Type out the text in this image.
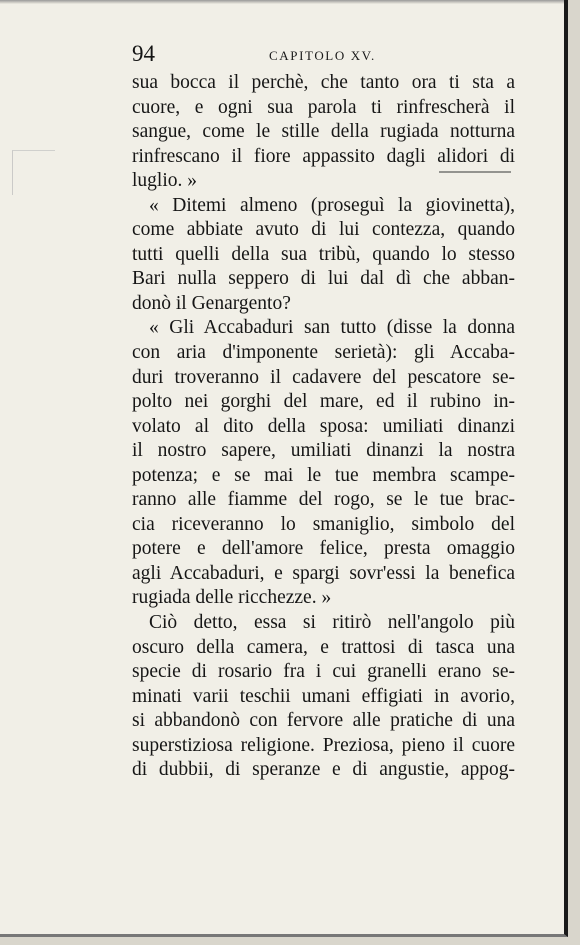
94	CAPITOLO XV.
sua bocca il perchè, che tanto ora ti sta a
cuore, e ogni sua parola ti rinfrescherà il
sangue, come le stille della rugiada notturna
rinfrescano il fiore appassito dagli alidori di
luglio. »
« Ditemi almeno (proseguì la giovinetta),
come abbiate avuto di lui contezza, quando
tutti quelli della sua tribù, quando lo stesso
Bari nulla seppero di lui dal dì che abban-
donò il Genargento?
« Gli Accabaduri san tutto (disse la donna
con aria d'imponente serietà): gli Accaba-
duri troveranno il cadavere del pescatore se-
polto nei gorghi del mare, ed il rubino in-
volato al dito della sposa: umiliati dinanzi
il nostro sapere, umiliati dinanzi la nostra
potenza; e se mai le tue membra scampe-
ranno alle fiamme del rogo, se le tue brac-
cia riceveranno lo smaniglio, simbolo del
potere e dell'amore felice, presta omaggio
agli Accabaduri, e spargi sovr'essi la benefica
rugiada delle ricchezze. »
Ciò detto, essa si ritirò nell'angolo più
oscuro della camera, e trattosi di tasca una
specie di rosario fra i cui granelli erano se-
minati varii teschii umani effigiati in avorio,
si abbandonò con fervore alle pratiche di una
superstiziosa religione. Preziosa, pieno il cuore
di dubbii, di speranze e di angustie, appog-
